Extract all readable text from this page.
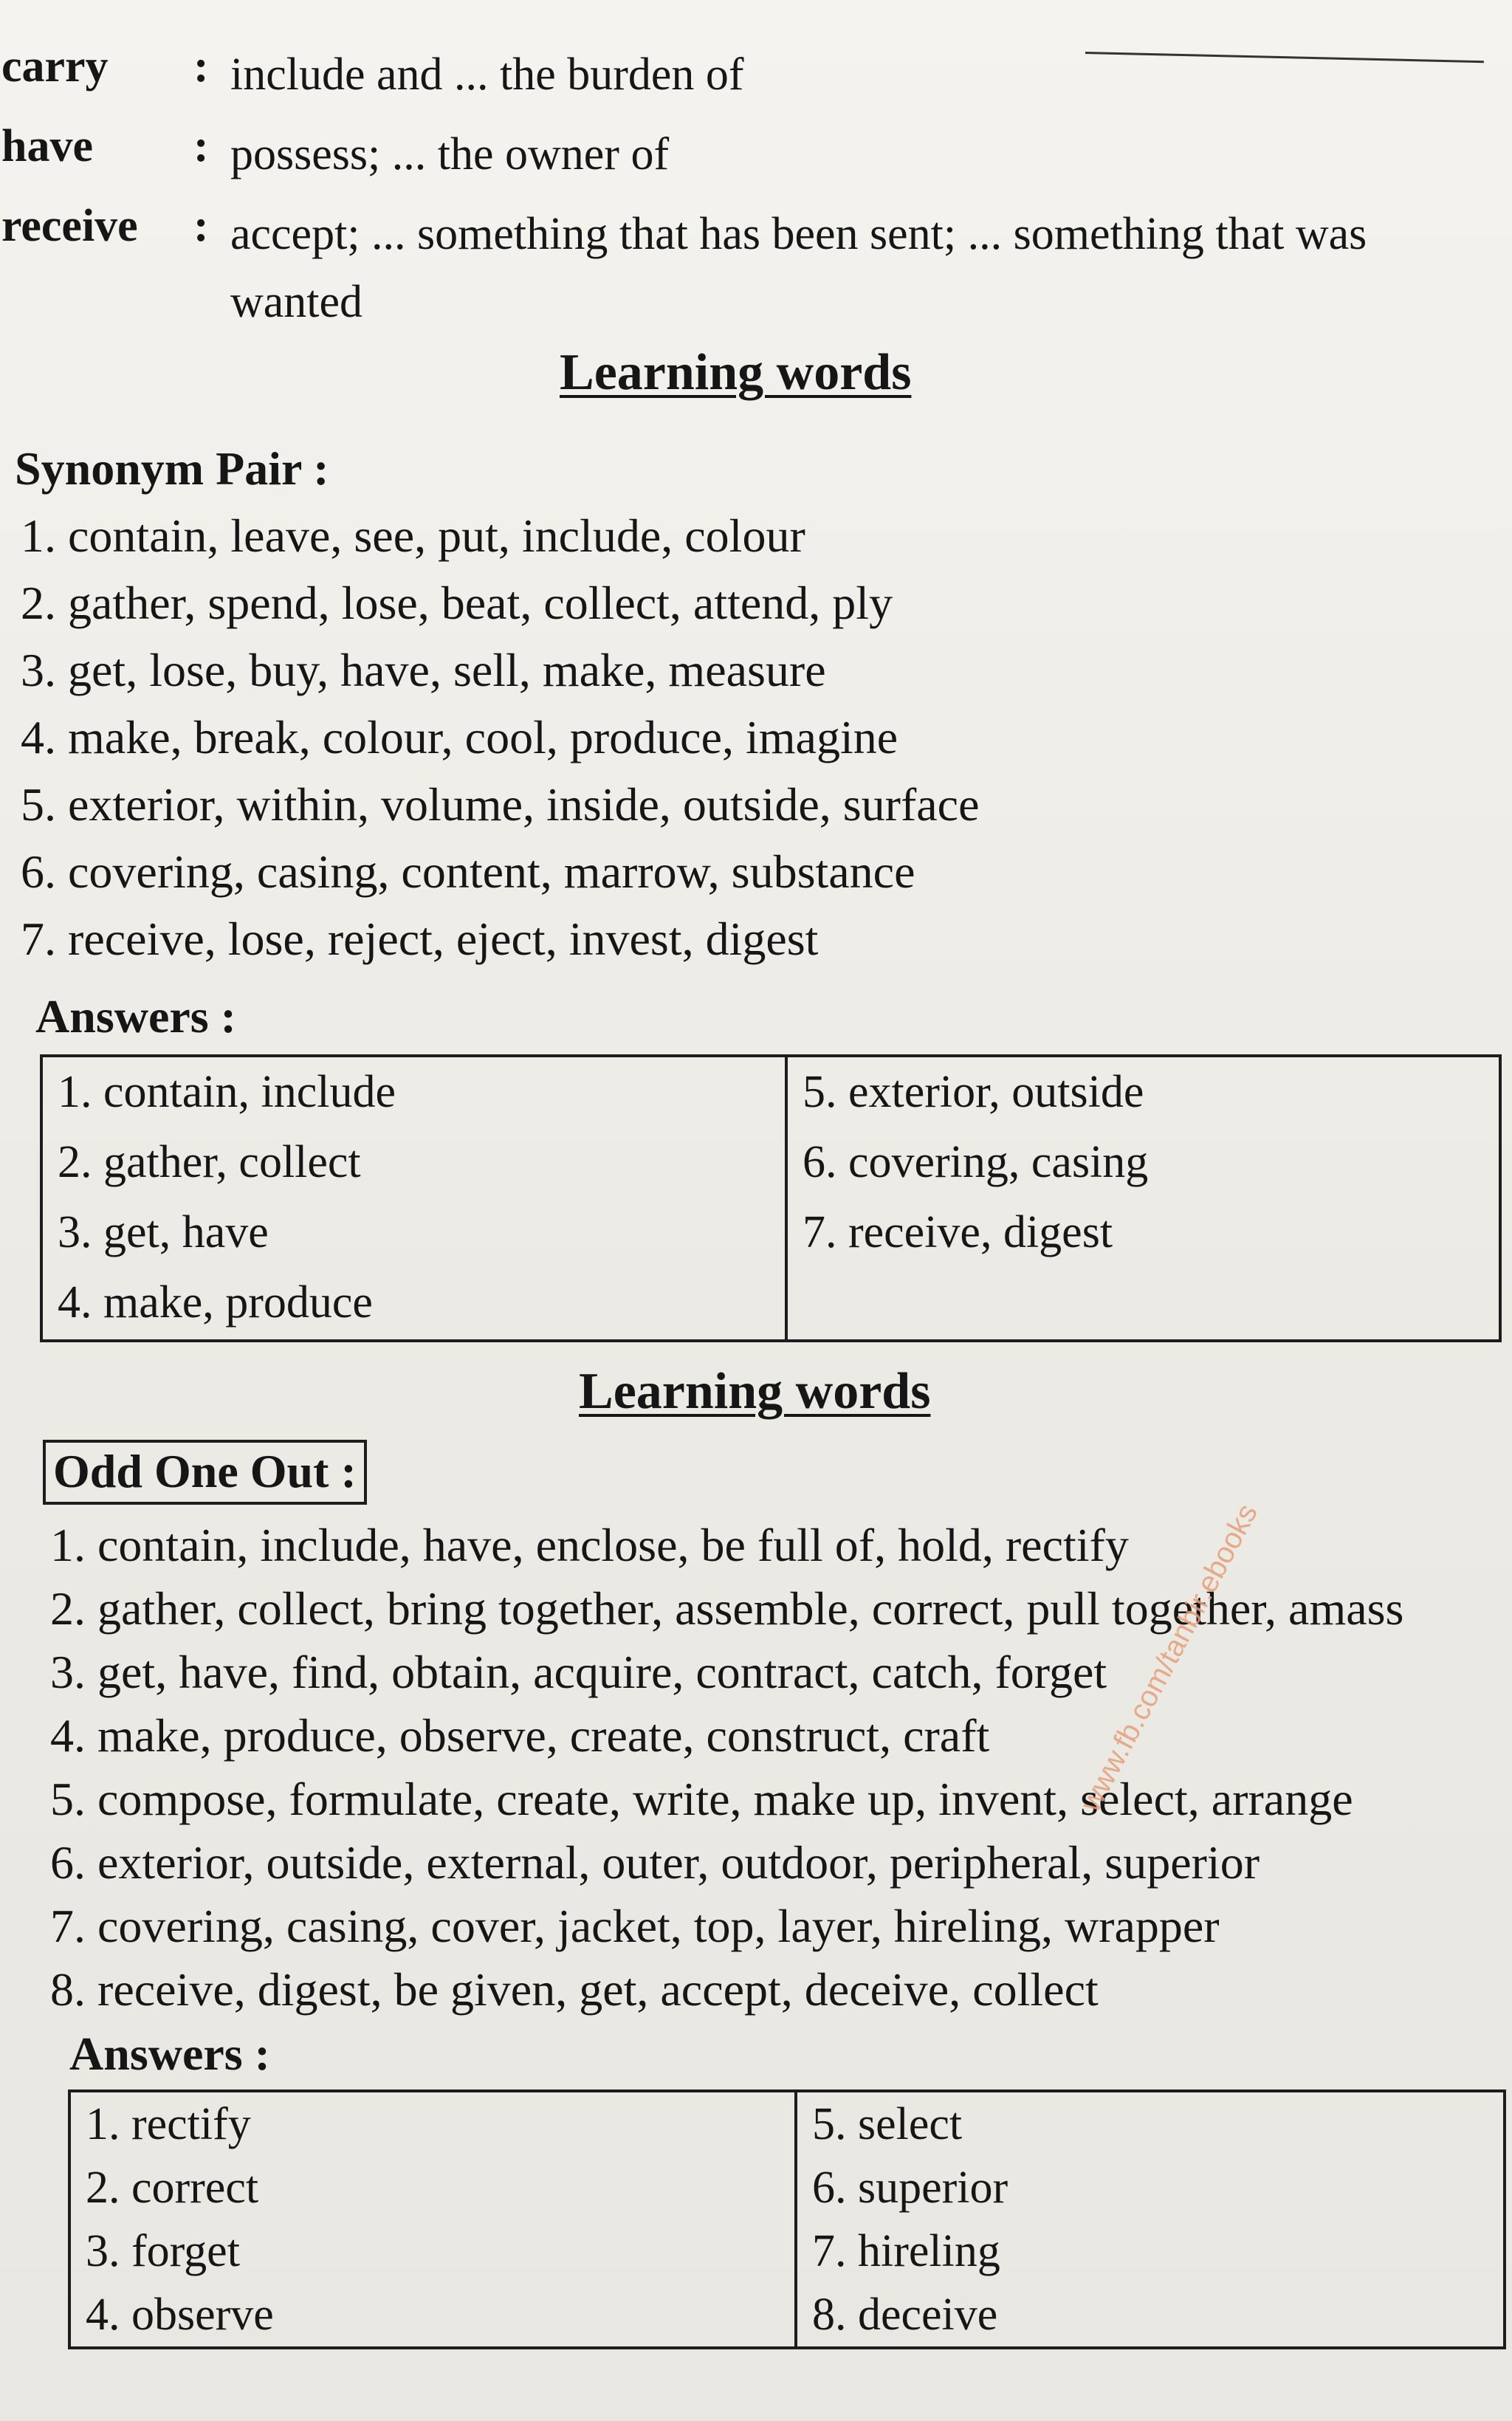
carry : include and ... the burden of
have : possess; ... the owner of
receive : accept; ... something that has been sent; ... something that was wanted
Learning words
Synonym Pair :
1. contain, leave, see, put, include, colour
2. gather, spend, lose, beat, collect, attend, ply
3. get, lose, buy, have, sell, make, measure
4. make, break, colour, cool, produce, imagine
5. exterior, within, volume, inside, outside, surface
6. covering, casing, content, marrow, substance
7. receive, lose, reject, eject, invest, digest
Answers :
1. contain, include
2. gather, collect
3. get, have
4. make, produce

5. exterior, outside
6. covering, casing
7. receive, digest
Learning words
Odd One Out :
1. contain, include, have, enclose, be full of, hold, rectify
2. gather, collect, bring together, assemble, correct, pull together, amass
3. get, have, find, obtain, acquire, contract, catch, forget
4. make, produce, observe, create, construct, craft
5. compose, formulate, create, write, make up, invent, select, arrange
6. exterior, outside, external, outer, outdoor, peripheral, superior
7. covering, casing, cover, jacket, top, layer, hireling, wrapper
8. receive, digest, be given, get, accept, deceive, collect
Answers :
1. rectify
2. correct
3. forget
4. observe

5. select
6. superior
7. hireling
8. deceive
www.fb.com/tanbir.ebooks
